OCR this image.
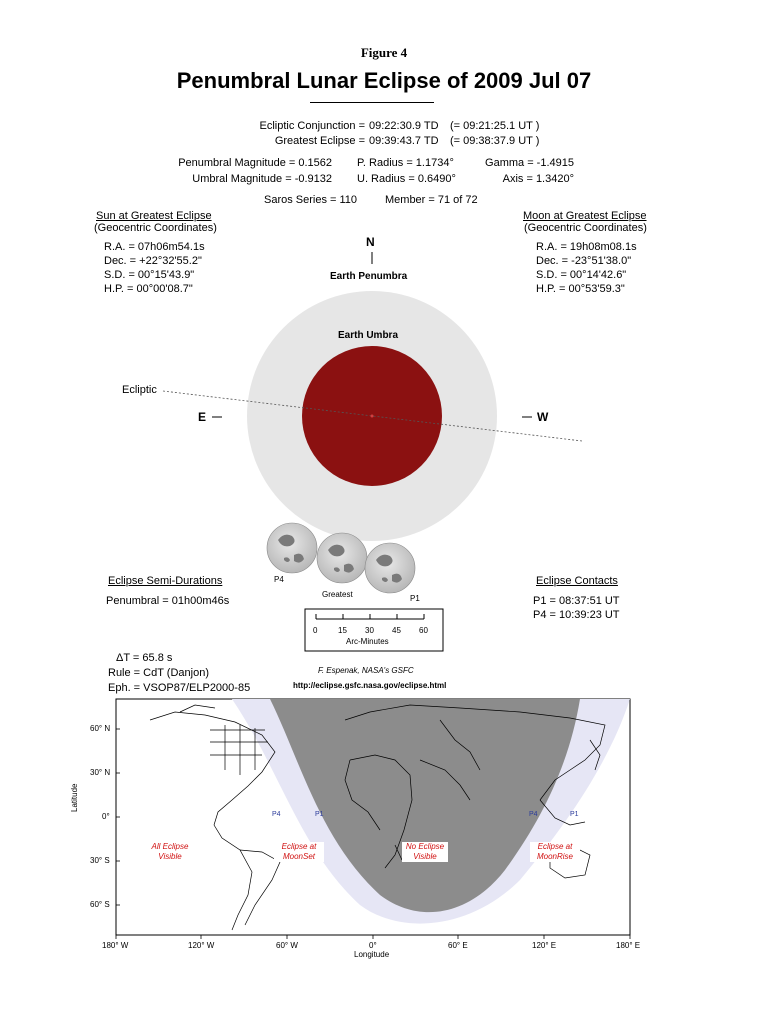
Figure 4
Penumbral Lunar Eclipse of 2009 Jul 07
Ecliptic Conjunction = 09:22:30.9 TD (= 09:21:25.1 UT )
Greatest Eclipse = 09:39:43.7 TD (= 09:38:37.9 UT )
Penumbral Magnitude = 0.1562
Umbral Magnitude = -0.9132
P. Radius = 1.1734°
U. Radius = 0.6490°
Gamma = -1.4915
Axis = 1.3420°
Saros Series = 110	Member = 71 of 72
Sun at Greatest Eclipse
(Geocentric Coordinates)
R.A. = 07h06m54.1s
Dec. = +22°32'55.2"
S.D. = 00°15'43.9"
H.P. = 00°00'08.7"
Moon at Greatest Eclipse
(Geocentric Coordinates)
R.A. = 19h08m08.1s
Dec. = -23°51'38.0"
S.D. = 00°14'42.6"
H.P. = 00°53'59.3"
N
Earth Penumbra
Earth Umbra
Ecliptic
E	W
P4
Greatest	P1
0	15 30 45 60
Arc-Minutes
Eclipse Semi-Durations
Penumbral = 01h00m46s
Eclipse Contacts
P1 = 08:37:51 UT
P4 = 10:39:23 UT
ΔT = 65.8 s
Rule = CdT (Danjon)
Eph. = VSOP87/ELP2000-85
F. Espenak, NASA's GSFC
http://eclipse.gsfc.nasa.gov/eclipse.html
60° N
30° N
0°
30° S
60° S
180° W	120° W	60° W	0°	60° E	120° E	180° E
Longitude
Latitude
All Eclipse Visible
Eclipse at MoonSet
No Eclipse Visible
Eclipse at MoonRise
P4	P1	P4	P1
